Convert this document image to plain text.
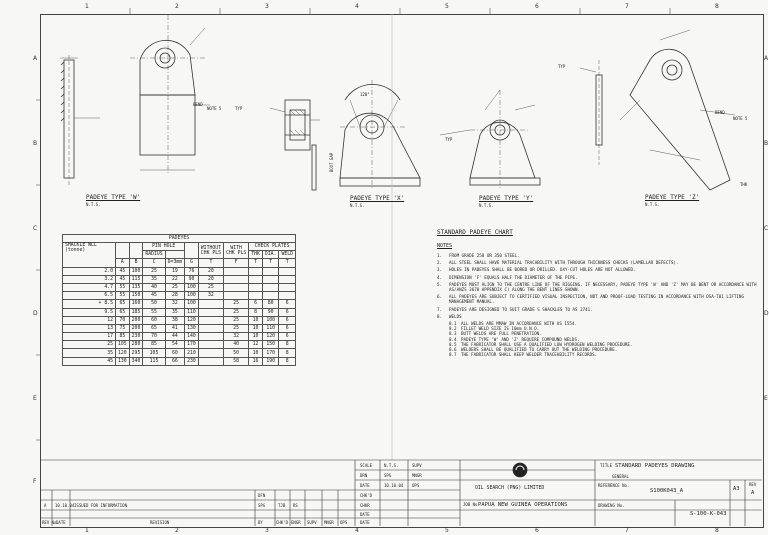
1	2	3	4	5	6	7	8
1	2	3	4	5	6	7	8
A
B
C
D
E
F
A
B
C
D
E
BEND
NOTE 5	TYP
BOOT GAP
120°
TYP
TYP
BEND
NOTE 5
THK
PADEYE TYPE 'W'
N.T.S.
PADEYE TYPE 'X'
N.T.S.
PADEYE TYPE 'Y'
N.T.S.
PADEYE TYPE 'Z'
N.T.S.
PADEYES										
SHACKLE WLL
(tonne)			PIN HOLE			WITHOUT
CHK PLS	WITH
CHK PLS	CHECK PLATES		
			RADIUS					THK	DIA.	WELD
	A	B	C	D=3mm	G	T	F	T	T	T
2.0	45	100	25	19	76	20				
3.2	45	115	35	22	90	20				
4.7	55	135	40	25	100	25				
6.5	55	150	45	28	100	32				
+ 8.5	65	160	50	32	100		25	6	80	6
9.5	65	185	55	35	110		25	8	90	6
12	70	200	60	38	120		25	10	100	6
13	75	200	65	41	130		25	10	110	6
17	85	230	70	44	140		32	10	120	6
25	105	280	85	54	170		40	12	150	8
35	120	295	105	60	210		50	10	170	8
45	130	340	115	66	230		58	16	190	8
STANDARD PADEYE CHART
NOTES
1.	FROM GRADE 250 OR 350 STEEL.
2.	ALL STEEL SHALL HAVE MATERIAL TRACABILITY WITH THROUGH THICKNESS CHECKS (LAMELLAR DEFECTS).
3.	HOLES IN PADEYES SHALL BE BORED OR DRILLED. OXY-CUT HOLES ARE NOT ALLOWED.
4.	DIMENSION 'F' EQUALS HALF THE DIAMETER OF THE PIPE.
5.	PADEYES MUST ALIGN TO THE CENTRE LINE OF THE RIGGING. IF NECESSARY, PADEYE TYPE 'W' AND 'Z' MAY BE BENT OR ACCORDANCE WITH AS/ANZS 3678 APPENDIX C) ALONG THE BENT LINES SHOWN.
6.	ALL PADEYES ARE SUBJECT TO CERTIFIED VISUAL INSPECTION, NDT AND PROOF-LOAD TESTING IN ACCORDANCE WITH OSA-T01 LIFTING MANAGEMENT MANUAL.
7.	PADEYES ARE DESIGNED TO SUIT GRADE S SHACKLES TO AS 2741.
8.	WELDS
8.1	ALL WELDS ARE MMAW IN ACCORDANCE WITH AS 1554.
8.2	FILLET WELD SIZE IS 10mm U.N.O.
8.3	BUTT WELDS ARE FULL PENETRATION.
8.4	PADEYE TYPE 'W' AND 'Z' REQUIRE COMPOUND WELDS.
8.5	THE FABRICATOR SHALL USE A QUALIFIED LOW HYDROGEN WELDING PROCEDURE.
8.6	WELDERS SHALL BE QUALIFIED TO CARRY OUT THE WELDING PROCEDURE.
8.7	THE FABRICATOR SHALL KEEP WELDER TRACEABILITY RECORDS.
SCALE	N.T.S.	SUPV
DRN	SPG	MNGR
DATE	10.10.04 OPS
CHK'D
CHKR
DATE
OIL SEARCH (PNG) LIMITED
PAPUA NEW GUINEA OPERATIONS
TITLE STANDARD PADEYES DRAWING
GENERAL
REFERENCE No.
S100K043_A	A3
REV
A
JOB No.	DRAWING No.
S-100-K-043
A 10.10.04 ISSUED FOR INFORMATION
DFN
SPG	TJB RS
REV No.
DATE	REVISION	BY	CHK'D ENGR SUPV MNGR OPS	DATE
